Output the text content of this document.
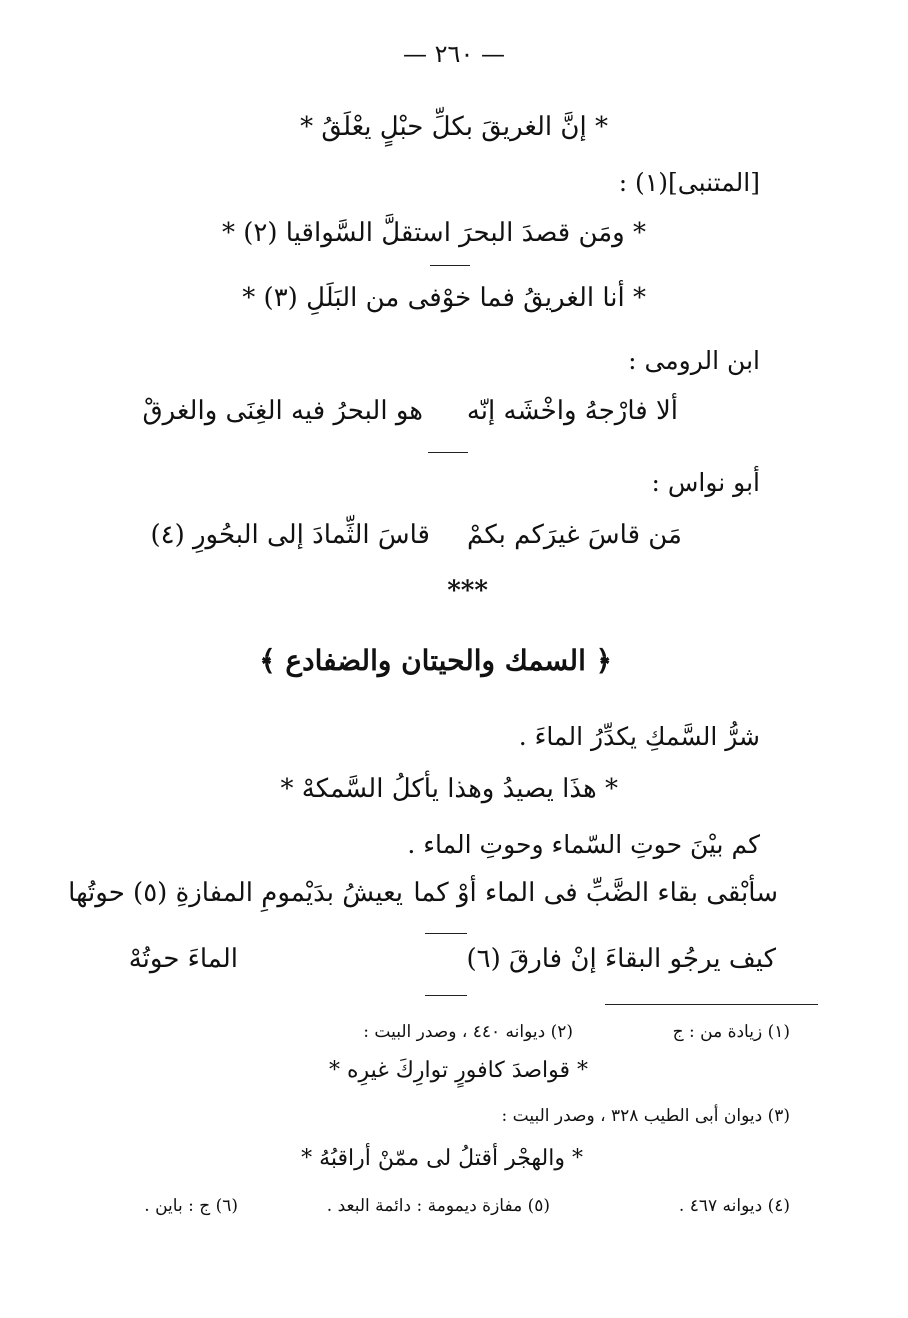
— ٢٦٠ —
* إنَّ الغريقَ بكلِّ حبْلٍ يعْلَقُ *
[المتنبى](١) :
* ومَن قصدَ البحرَ استقلَّ السَّواقيا (٢) *
* أنا الغريقُ فما خوْفى من البَلَلِ (٣) *
ابن الرومى :
ألا فارْجهُ واخْشَه إنّه
هو البحرُ فيه الغِنَى والغرقْ
أبو نواس :
مَن قاسَ غيرَكم بكمْ
قاسَ الثِّمادَ إلى البحُورِ (٤)
***
﴿ السمك والحيتان والضفادع ﴾
شرُّ السَّمكِ يكدِّرُ الماءَ .
* هذَا يصيدُ وهذا يأكلُ السَّمكهْ *
كم بيْنَ حوتِ السّماء وحوتِ الماء .
سأبْقى بقاء الضَّبِّ فى الماء أوْ كما
يعيشُ بدَيْمومِ المفازةِ (٥) حوتُها
كيف يرجُو البقاءَ إنْ فارقَ (٦)
الماءَ حوتُهْ
(١) زيادة من : ج
(٢) ديوانه ٤٤٠ ، وصدر البيت :
* قواصدَ كافورٍ توارِكَ غيرِه *
(٣) ديوان أبى الطيب ٣٢٨ ، وصدر البيت :
* والهجْر أقتلُ لى ممّنْ أراقبُهُ *
(٤) ديوانه ٤٦٧ .
(٥) مفازة ديمومة : دائمة البعد .
(٦) ج : باين .
